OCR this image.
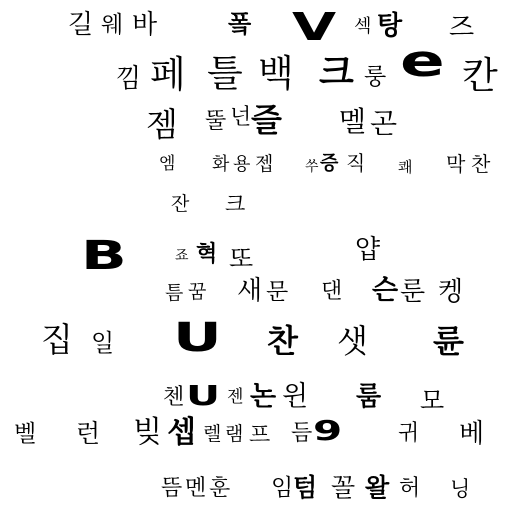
길 웨 바	퐄 V 섹 탕 즈
낌 페 틀 백 크 룽 e 칸
젬 뚤 넌 즐 멜 곤
엠 화 용 젭 쑤 증 직 쾌 막 찬
잔 크
B	죠 혁 또	얍
틈 꿈 새 문 댄 슨 룬 켕
집 일 U 찬 샛 륜
첸 U 젠 논 윈 룸 모
벨 런 빚 셉 렐 램 프 듬 9	귀 베
뜸 멘 훈 임 텀 꼴 왈 허 닝
